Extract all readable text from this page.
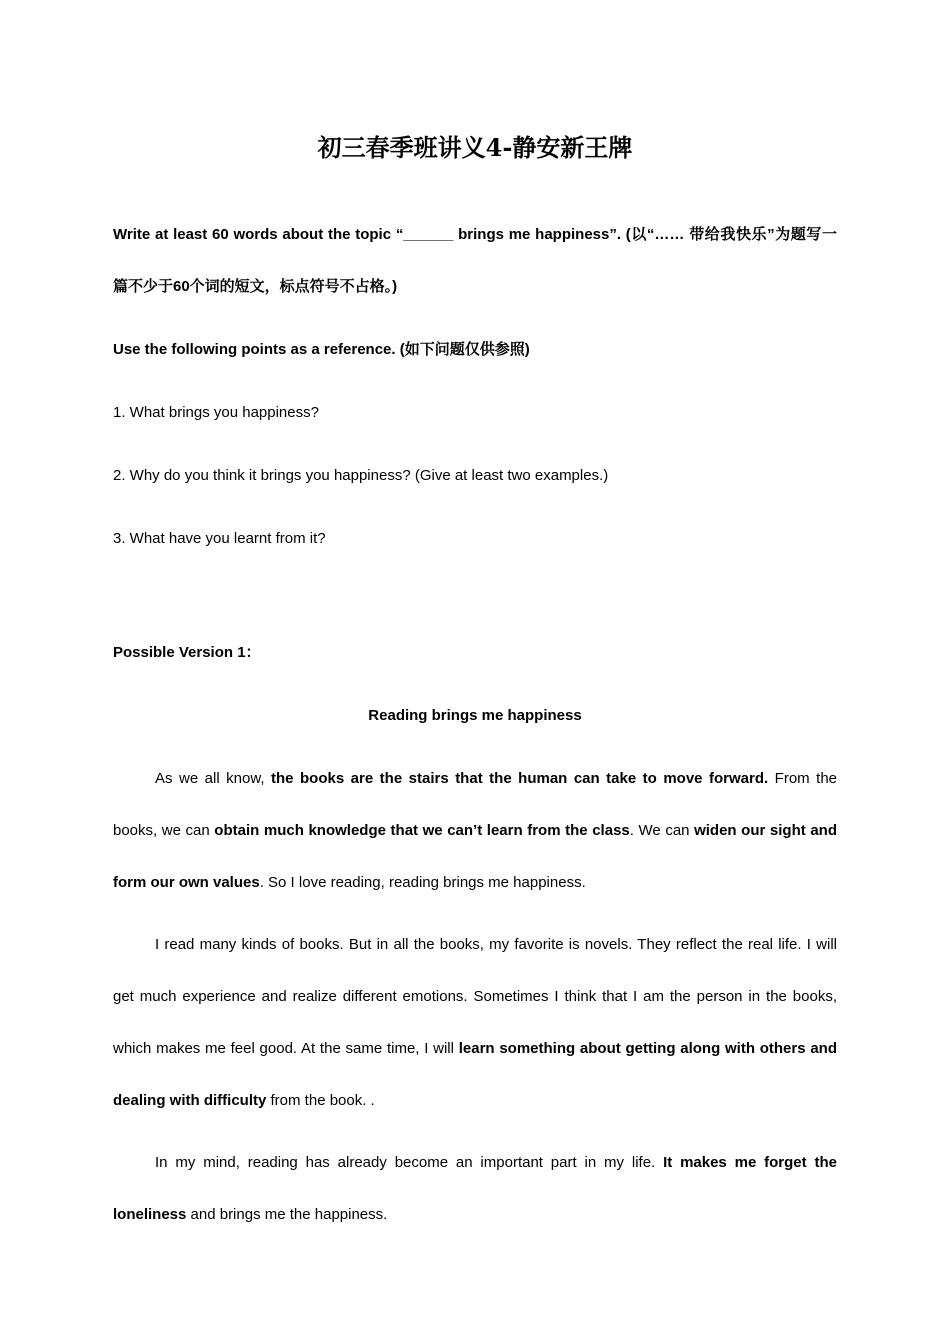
初三春季班讲义4-静安新王牌

Write at least 60 words about the topic “______ brings me happiness”. (以“…… 带给我快乐”为题写一篇不少于60个词的短文，标点符号不占格。)

Use the following points as a reference. (如下问题仅供参照)

1. What brings you happiness?

2. Why do you think it brings you happiness? (Give at least two examples.)

3. What have you learnt from it?

Possible Version 1：

Reading brings me happiness

As we all know, the books are the stairs that the human can take to move forward. From the books, we can obtain much knowledge that we can’t learn from the class. We can widen our sight and form our own values. So I love reading, reading brings me happiness.

I read many kinds of books. But in all the books, my favorite is novels. They reflect the real life. I will get much experience and realize different emotions. Sometimes I think that I am the person in the books, which makes me feel good. At the same time, I will learn something about getting along with others and dealing with difficulty from the book. .

In my mind, reading has already become an important part in my life. It makes me forget the loneliness and brings me the happiness.
